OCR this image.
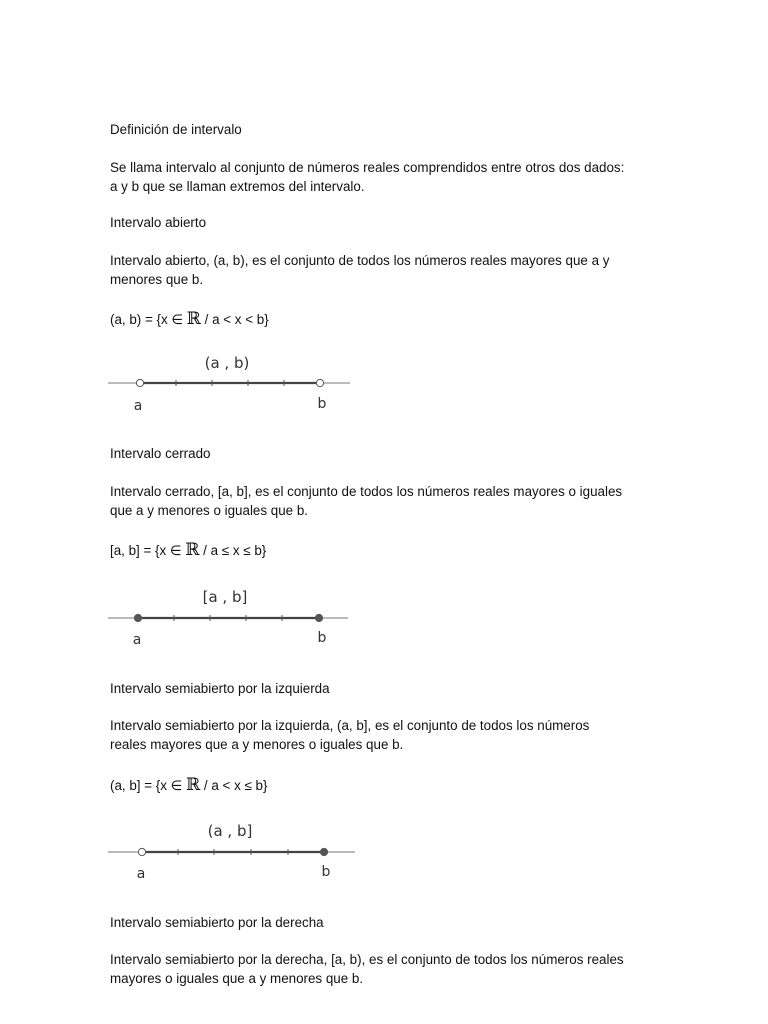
Definición de intervalo

Se llama intervalo al conjunto de números reales comprendidos entre otros dos dados:

a y b que se llaman extremos del intervalo.

Intervalo abierto

Intervalo abierto, (a, b), es el conjunto de todos los números reales mayores que a y

menores que b.

(a, b) = {x ∈ ℝ / a < x < b}

(a , b)
a	b

Intervalo cerrado

Intervalo cerrado, [a, b], es el conjunto de todos los números reales mayores o iguales

que a y menores o iguales que b.

[a, b] = {x ∈ ℝ / a ≤ x ≤ b}

[a , b]
a	b

Intervalo semiabierto por la izquierda

Intervalo semiabierto por la izquierda, (a, b], es el conjunto de todos los números

reales mayores que a y menores o iguales que b.

(a, b] = {x ∈ ℝ / a < x ≤ b}

(a , b]
a	b

Intervalo semiabierto por la derecha

Intervalo semiabierto por la derecha, [a, b), es el conjunto de todos los números reales

mayores o iguales que a y menores que b.
